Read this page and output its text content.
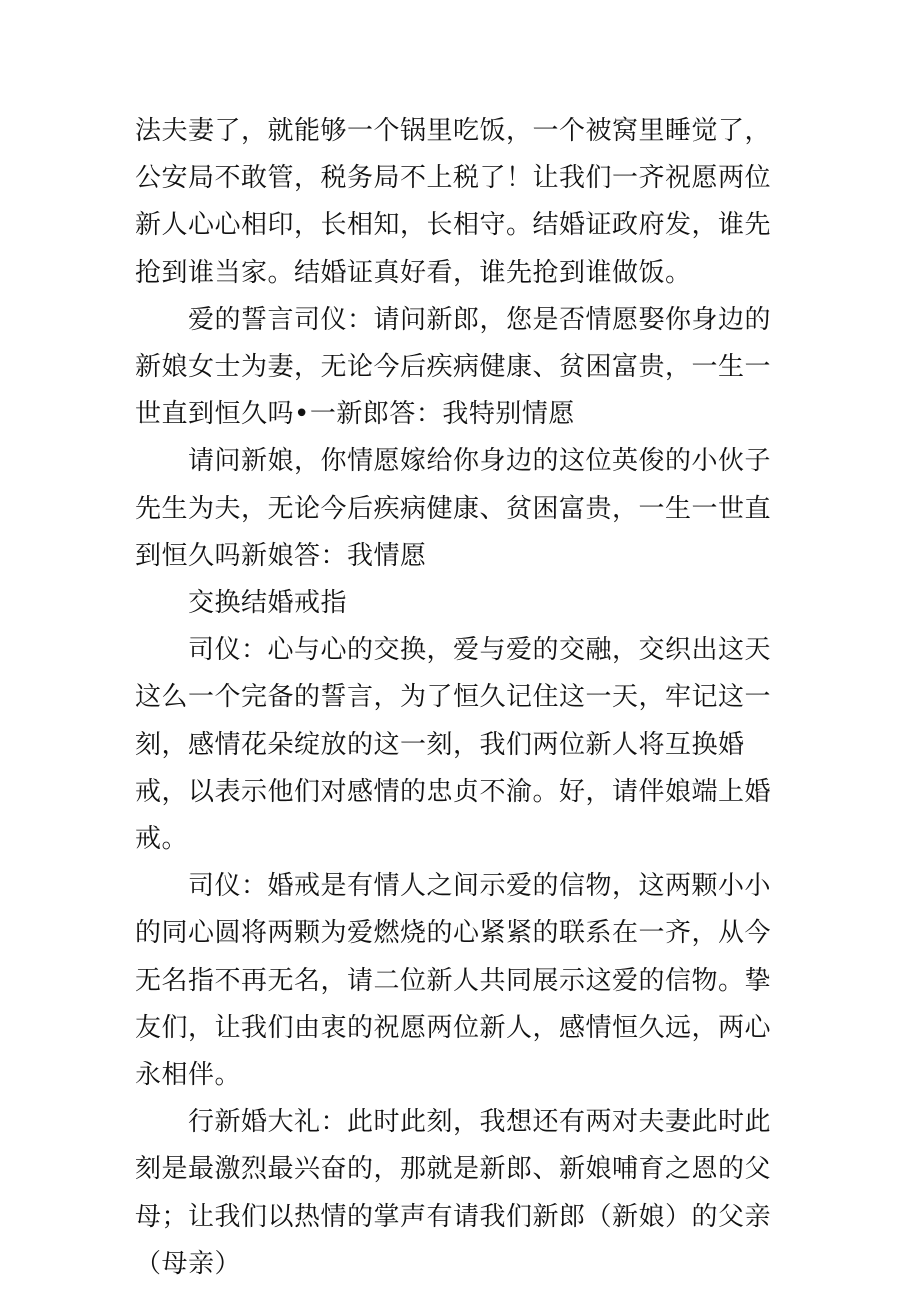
法夫妻了，就能够一个锅里吃饭，一个被窝里睡觉了，公安局不敢管，税务局不上税了！让我们一齐祝愿两位新人心心相印，长相知，长相守。结婚证政府发，谁先抢到谁当家。结婚证真好看，谁先抢到谁做饭。

爱的誓言司仪：请问新郎，您是否情愿娶你身边的新娘女士为妻，无论今后疾病健康、贫困富贵，一生一世直到恒久吗•一新郎答：我特别情愿

请问新娘，你情愿嫁给你身边的这位英俊的小伙子先生为夫，无论今后疾病健康、贫困富贵，一生一世直到恒久吗新娘答：我情愿

交换结婚戒指

司仪：心与心的交换，爱与爱的交融，交织出这天这么一个完备的誓言，为了恒久记住这一天，牢记这一刻，感情花朵绽放的这一刻，我们两位新人将互换婚戒，以表示他们对感情的忠贞不渝。好，请伴娘端上婚戒。

司仪：婚戒是有情人之间示爱的信物，这两颗小小的同心圆将两颗为爱燃烧的心紧紧的联系在一齐，从今无名指不再无名，请二位新人共同展示这爱的信物。挚友们，让我们由衷的祝愿两位新人，感情恒久远，两心永相伴。

行新婚大礼：此时此刻，我想还有两对夫妻此时此刻是最激烈最兴奋的，那就是新郎、新娘哺育之恩的父母；让我们以热情的掌声有请我们新郎（新娘）的父亲（母亲）
